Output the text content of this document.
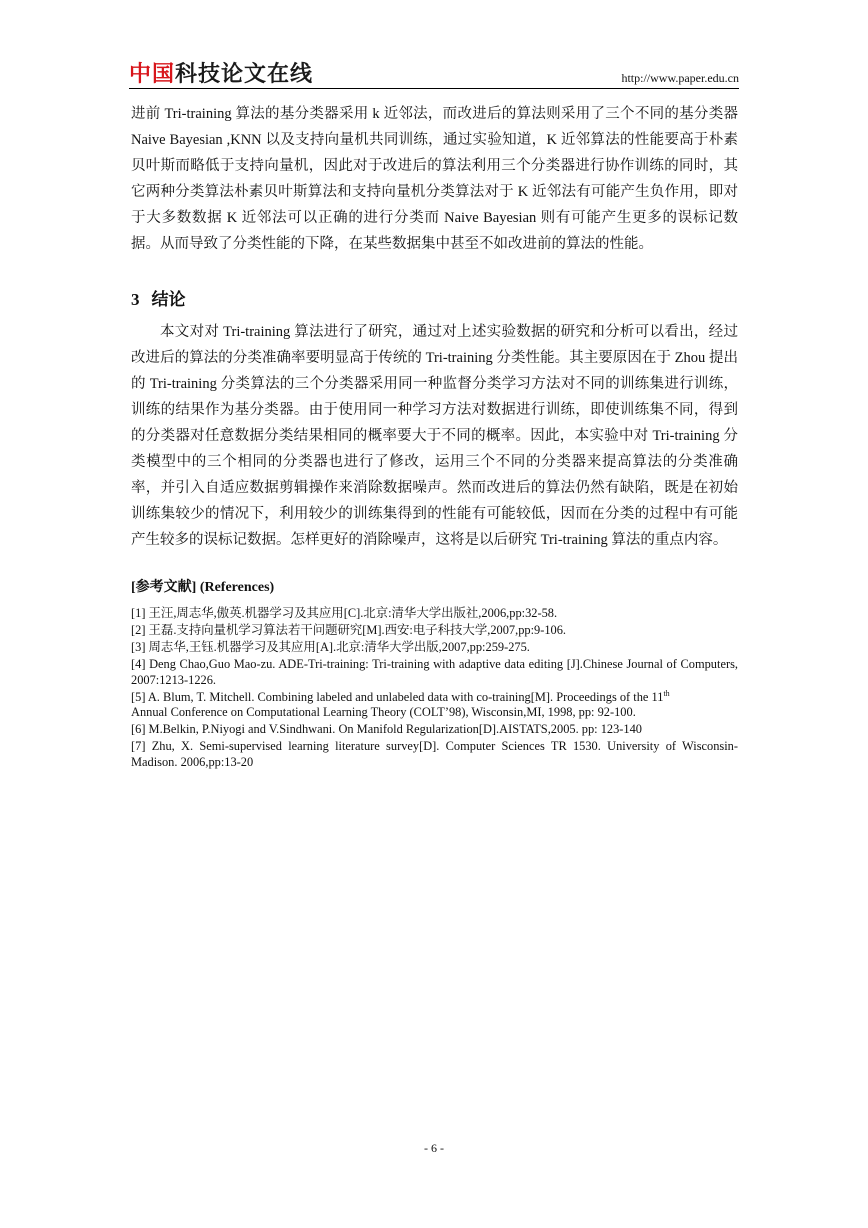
中国科技论文在线	http://www.paper.edu.cn

进前 Tri-training 算法的基分类器采用 k 近邻法，而改进后的算法则采用了三个不同的基分类器 Naive Bayesian ,KNN 以及支持向量机共同训练，通过实验知道，K 近邻算法的性能要高于朴素贝叶斯而略低于支持向量机，因此对于改进后的算法利用三个分类器进行协作训练的同时，其它两种分类算法朴素贝叶斯算法和支持向量机分类算法对于 K 近邻法有可能产生负作用，即对于大多数数据 K 近邻法可以正确的进行分类而 Naive Bayesian 则有可能产生更多的误标记数据。从而导致了分类性能的下降，在某些数据集中甚至不如改进前的算法的性能。

3 结论

本文对对 Tri-training 算法进行了研究，通过对上述实验数据的研究和分析可以看出，经过改进后的算法的分类准确率要明显高于传统的 Tri-training 分类性能。其主要原因在于 Zhou 提出的 Tri-training 分类算法的三个分类器采用同一种监督分类学习方法对不同的训练集进行训练，训练的结果作为基分类器。由于使用同一种学习方法对数据进行训练，即使训练集不同，得到的分类器对任意数据分类结果相同的概率要大于不同的概率。因此，本实验中对 Tri-training 分类模型中的三个相同的分类器也进行了修改，运用三个不同的分类器来提高算法的分类准确率，并引入自适应数据剪辑操作来消除数据噪声。然而改进后的算法仍然有缺陷，既是在初始训练集较少的情况下，利用较少的训练集得到的性能有可能较低，因而在分类的过程中有可能产生较多的误标记数据。怎样更好的消除噪声，这将是以后研究 Tri-training 算法的重点内容。

[参考文献] (References)
[1] 王汪,周志华,傲英.机器学习及其应用[C].北京:清华大学出版社,2006,pp:32-58.
[2] 王磊.支持向量机学习算法若干问题研究[M].西安:电子科技大学,2007,pp:9-106.
[3] 周志华,王钰.机器学习及其应用[A].北京:清华大学出版,2007,pp:259-275.
[4] Deng Chao,Guo Mao-zu. ADE-Tri-training: Tri-training with adaptive data editing [J].Chinese Journal of Computers, 2007:1213-1226.
[5] A. Blum, T. Mitchell. Combining labeled and unlabeled data with co-training[M]. Proceedings of the 11th
Annual Conference on Computational Learning Theory (COLT’98), Wisconsin,MI, 1998, pp: 92-100.
[6] M.Belkin, P.Niyogi and V.Sindhwani. On Manifold Regularization[D].AISTATS,2005. pp: 123-140
[7] Zhu, X. Semi-supervised learning literature survey[D]. Computer Sciences TR 1530. University of Wisconsin-Madison. 2006,pp:13-20
- 6 -
